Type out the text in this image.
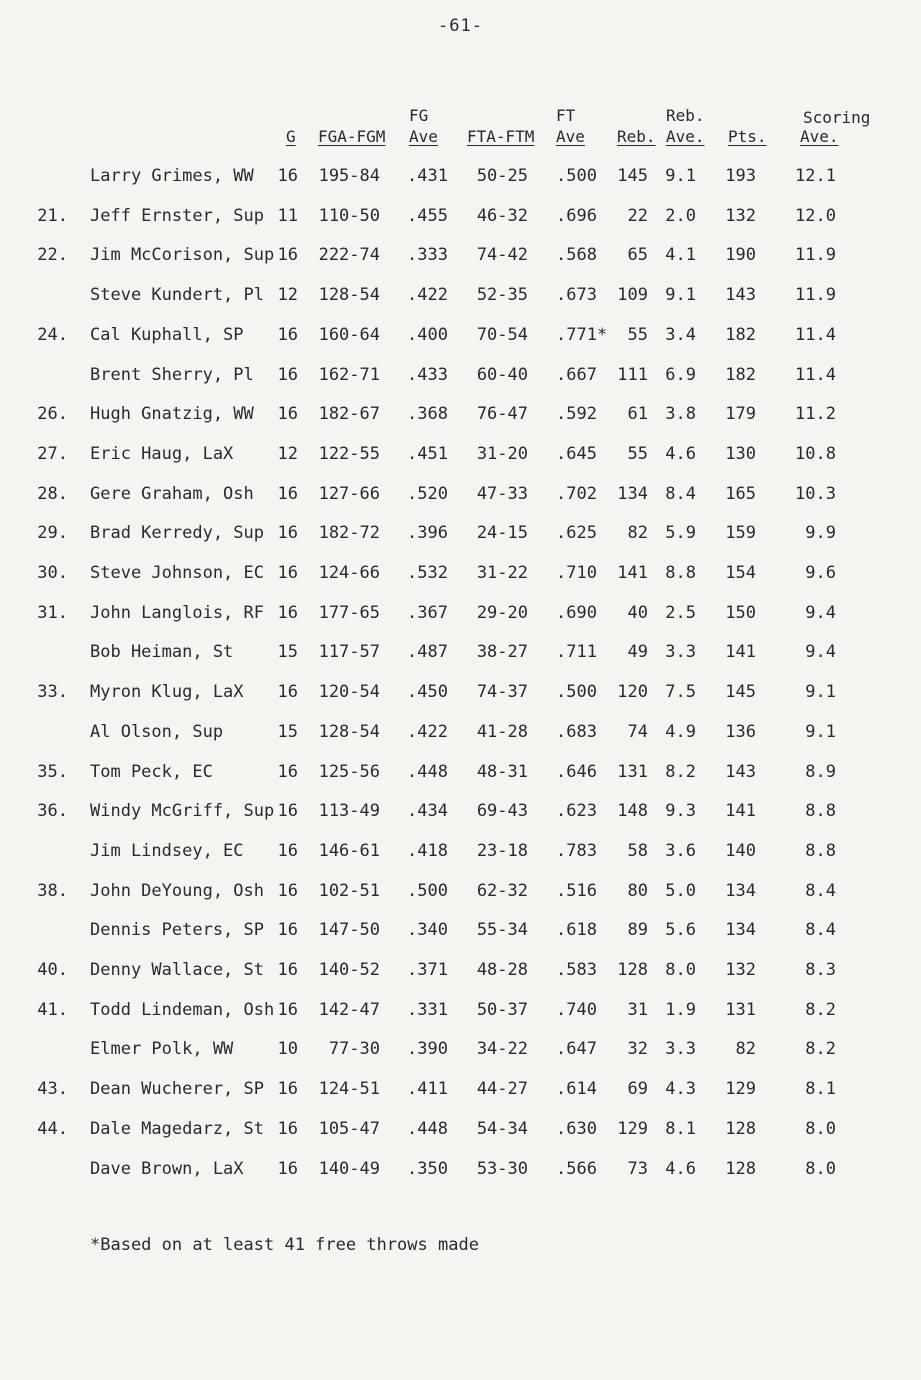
-61-
FG	FT	Reb.	Scoring
G FGA-FGM Ave FTA-FTM Ave Reb. Ave. Pts. Ave.
Larry Grimes, WW	16	195-84	.431	50-25 .500	145	9.1	193 12.1
21. Jeff Ernster, Sup 11	110-50	.455	46-32 .696	22	2.0	132 12.0
22. Jim McCorison, Sup 16	222-74	.333	74-42 .568	65	4.1	190 11.9
Steve Kundert, Pl 12	128-54	.422	52-35 .673	109	9.1	143 11.9
24. Cal Kuphall, SP	16	160-64	.400	70-54 .771*	55	3.4	182 11.4
Brent Sherry, Pl	16	162-71	.433	60-40 .667	111	6.9	182 11.4
26. Hugh Gnatzig, WW	16	182-67	.368	76-47 .592	61	3.8	179 11.2
27. Eric Haug, LaX	12	122-55	.451	31-20 .645	55	4.6	130 10.8
28. Gere Graham, Osh	16	127-66	.520	47-33 .702	134	8.4	165 10.3
29. Brad Kerredy, Sup 16	182-72	.396	24-15 .625	82	5.9	159	9.9
30. Steve Johnson, EC 16	124-66	.532	31-22 .710	141	8.8	154	9.6
31. John Langlois, RF 16	177-65	.367	29-20 .690	40	2.5	150	9.4
Bob Heiman, St	15	117-57	.487	38-27 .711	49	3.3	141	9.4
33. Myron Klug, LaX	16	120-54	.450	74-37 .500	120	7.5	145	9.1
Al Olson, Sup	15	128-54	.422	41-28 .683	74	4.9	136	9.1
35. Tom Peck, EC	16	125-56	.448	48-31 .646	131	8.2	143	8.9
36. Windy McGriff, Sup 16	113-49	.434	69-43 .623	148	9.3	141	8.8
Jim Lindsey, EC	16	146-61	.418	23-18 .783	58	3.6	140	8.8
38. John DeYoung, Osh 16	102-51	.500	62-32 .516	80	5.0	134	8.4
Dennis Peters, SP 16	147-50	.340	55-34 .618	89	5.6	134	8.4
40. Denny Wallace, St 16	140-52	.371	48-28 .583	128	8.0	132	8.3
41. Todd Lindeman, Osh 16	142-47	.331	50-37 .740	31	1.9	131	8.2
Elmer Polk, WW	10	77-30	.390	34-22 .647	32	3.3	82	8.2
43. Dean Wucherer, SP 16	124-51	.411	44-27 .614	69	4.3	129	8.1
44. Dale Magedarz, St 16	105-47	.448	54-34 .630	129	8.1	128	8.0
Dave Brown, LaX	16	140-49	.350	53-30 .566	73	4.6	128	8.0
*Based on at least 41 free throws made
